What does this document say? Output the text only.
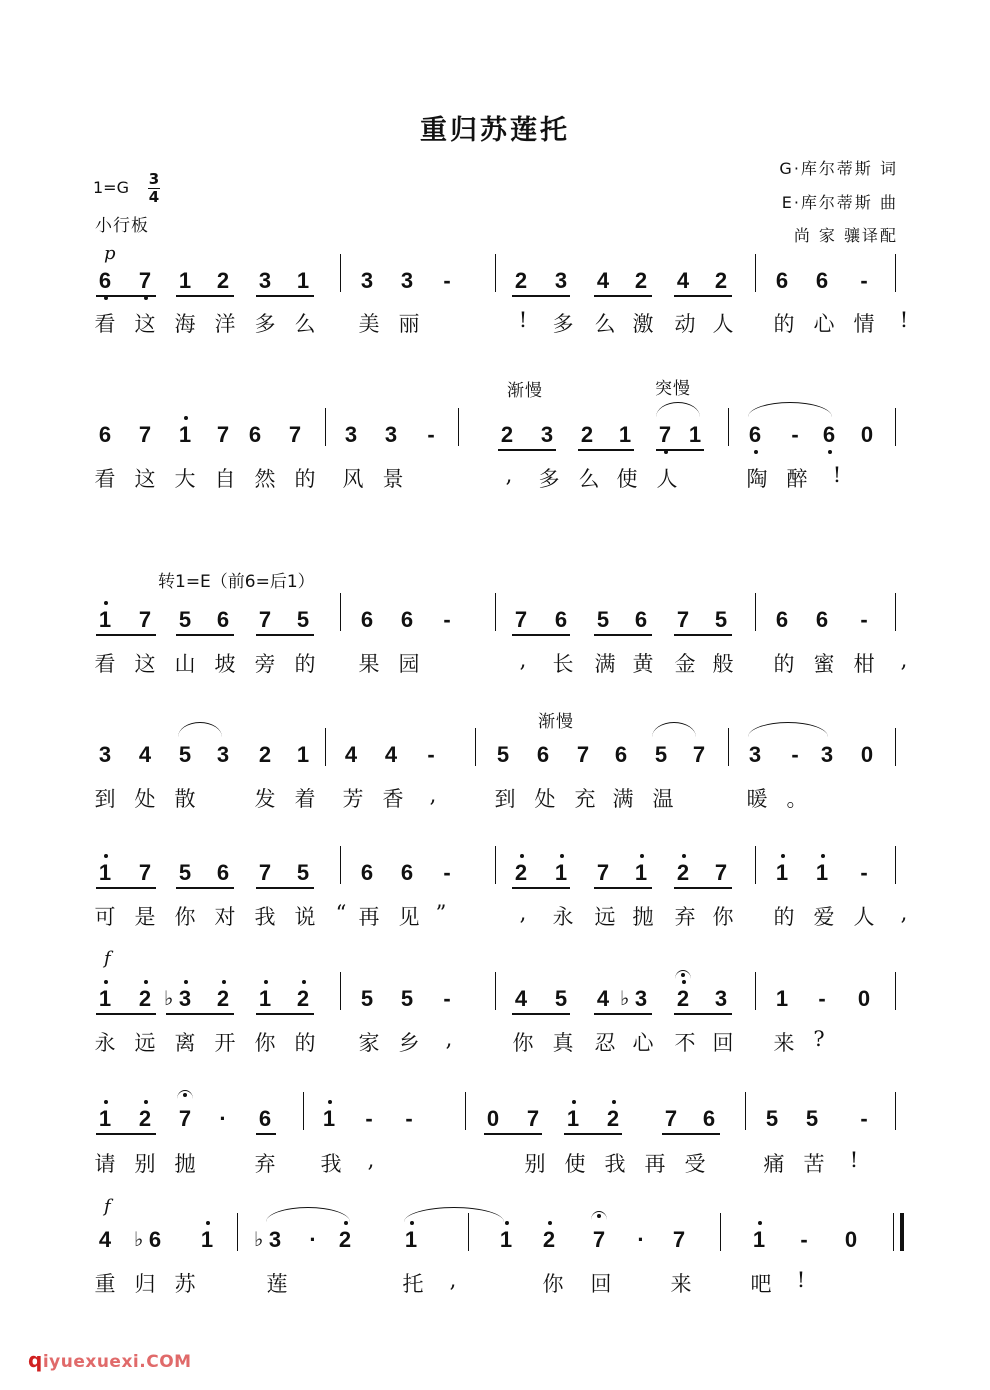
重归苏莲托
G·库尔蒂斯 词
E·库尔蒂斯 曲
尚 家 骧译配
1=G 3
4
小行板
p
渐慢	突慢
转1=E（前6=后1）
渐慢
f
f
6 7 1 2 3 1 3 3 -	2 3 4 2 4 2 6 6 -
看 这 海 洋 多 么 美 丽	!	多 么 激 动 人 的 心 情	!
6 7 1 7 6 7 3 3 -	2 3 2 1 7 1 6 - 6 0
看 这 大 自 然 的 风 景	,	多 么 使 人	陶 醉	!
1 7 5 6 7 5 6 6 -	7 6 5 6 7 5 6 6 -
看 这 山 坡 旁 的 果 园	,	长 满 黄 金 般 的 蜜 柑	,
3 4 5 3 2 1 4 4 -	5 6 7 6 5 7 3 - 3 0
到 处 散	发 着 芳 香	,	到 处 充 满 温	暖 。
1 7 5 6 7 5 6 6 -	2 1 7 1 2 7 1 1 -
可 是 你 对 我 说 “ 再 见 ”	,	永 远 抛 弃 你 的 爱 人	,
1 2 ♭ 3 2 1 2 5 5 -	4 5 4 ♭ 3 2 3 1 - 0
永 远 离 开 你 的 家 乡	,	你 真 忍 心 不 回 来 ?
1 2 7 · 6 1 - -	0 7 1 2 7 6 5 5 -
请 别 抛	弃 我	,	别 使 我 再 受	痛 苦	!
4 ♭ 6 1 ♭ 3 · 2 1	1 2 7 · 7	1 - 0
重 归 苏	莲	托	,	你 回	来	吧	!
qiyuexuexi.COM
